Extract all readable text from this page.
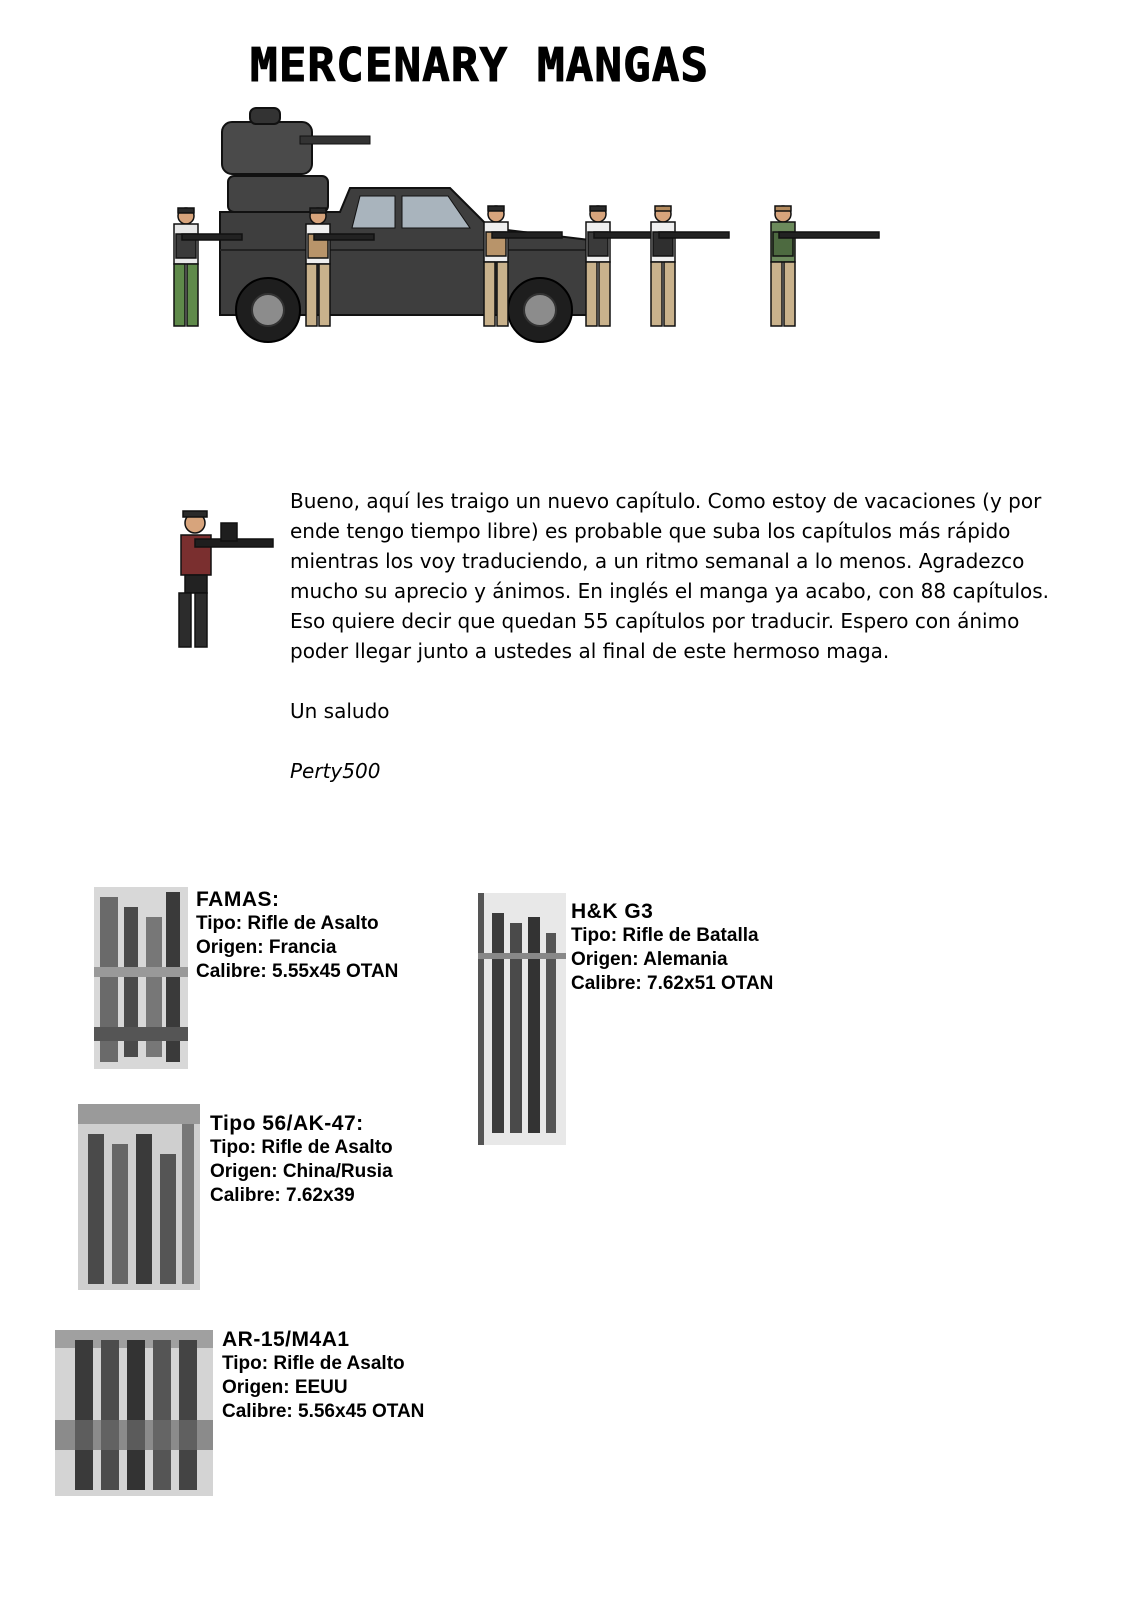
MERCENARY MANGAS

Bueno, aquí les traigo un nuevo capítulo. Como estoy de vacaciones (y por ende tengo tiempo libre) es probable que suba los capítulos más rápido mientras los voy traduciendo, a un ritmo semanal a lo menos. Agradezco mucho su aprecio y ánimos. En inglés el manga ya acabo, con 88 capítulos. Eso quiere decir que quedan 55 capítulos por traducir. Espero con ánimo poder llegar junto a ustedes al final de este hermoso maga.

Un saludo

Perty500

FAMAS:
Tipo: Rifle de Asalto
Origen: Francia
Calibre: 5.55x45 OTAN
H&K G3
Tipo: Rifle de Batalla
Origen: Alemania
Calibre: 7.62x51 OTAN
Tipo 56/AK-47:
Tipo: Rifle de Asalto
Origen: China/Rusia
Calibre: 7.62x39
AR-15/M4A1
Tipo: Rifle de Asalto
Origen: EEUU
Calibre: 5.56x45 OTAN
